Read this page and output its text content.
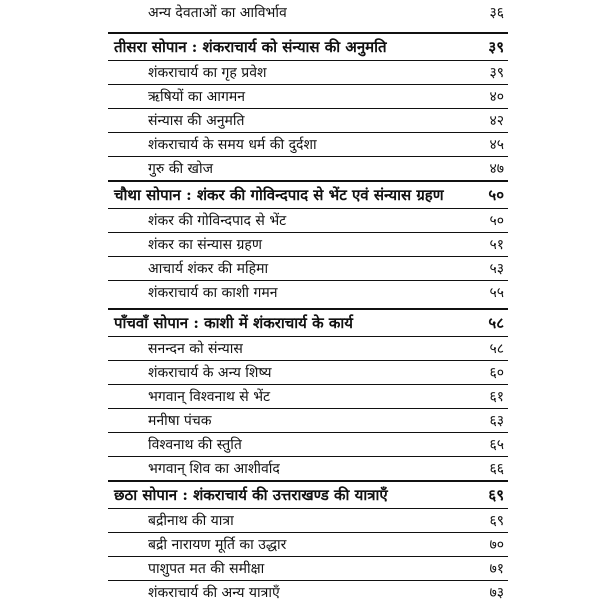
अन्य देवताओं का आविर्भाव	३६
तीसरा सोपान : शंकराचार्य को संन्यास की अनुमति	३९
शंकराचार्य का गृह प्रवेश	३९
ऋषियों का आगमन	४०
संन्यास की अनुमति	४२
शंकराचार्य के समय धर्म की दुर्दशा	४५
गुरु की खोज	४७
चौथा सोपान : शंकर की गोविन्दपाद से भेंट एवं संन्यास ग्रहण	५०
शंकर की गोविन्दपाद से भेंट	५०
शंकर का संन्यास ग्रहण	५१
आचार्य शंकर की महिमा	५३
शंकराचार्य का काशी गमन	५५
पाँचवाँ सोपान : काशी में शंकराचार्य के कार्य	५८
सनन्दन को संन्यास	५८
शंकराचार्य के अन्य शिष्य	६०
भगवान् विश्वनाथ से भेंट	६१
मनीषा पंचक	६३
विश्वनाथ की स्तुति	६५
भगवान् शिव का आशीर्वाद	६६
छठा सोपान : शंकराचार्य की उत्तराखण्ड की यात्राएँ	६९
बद्रीनाथ की यात्रा	६९
बद्री नारायण मूर्ति का उद्धार	७०
पाशुपत मत की समीक्षा	७१
शंकराचार्य की अन्य यात्राएँ	७३
